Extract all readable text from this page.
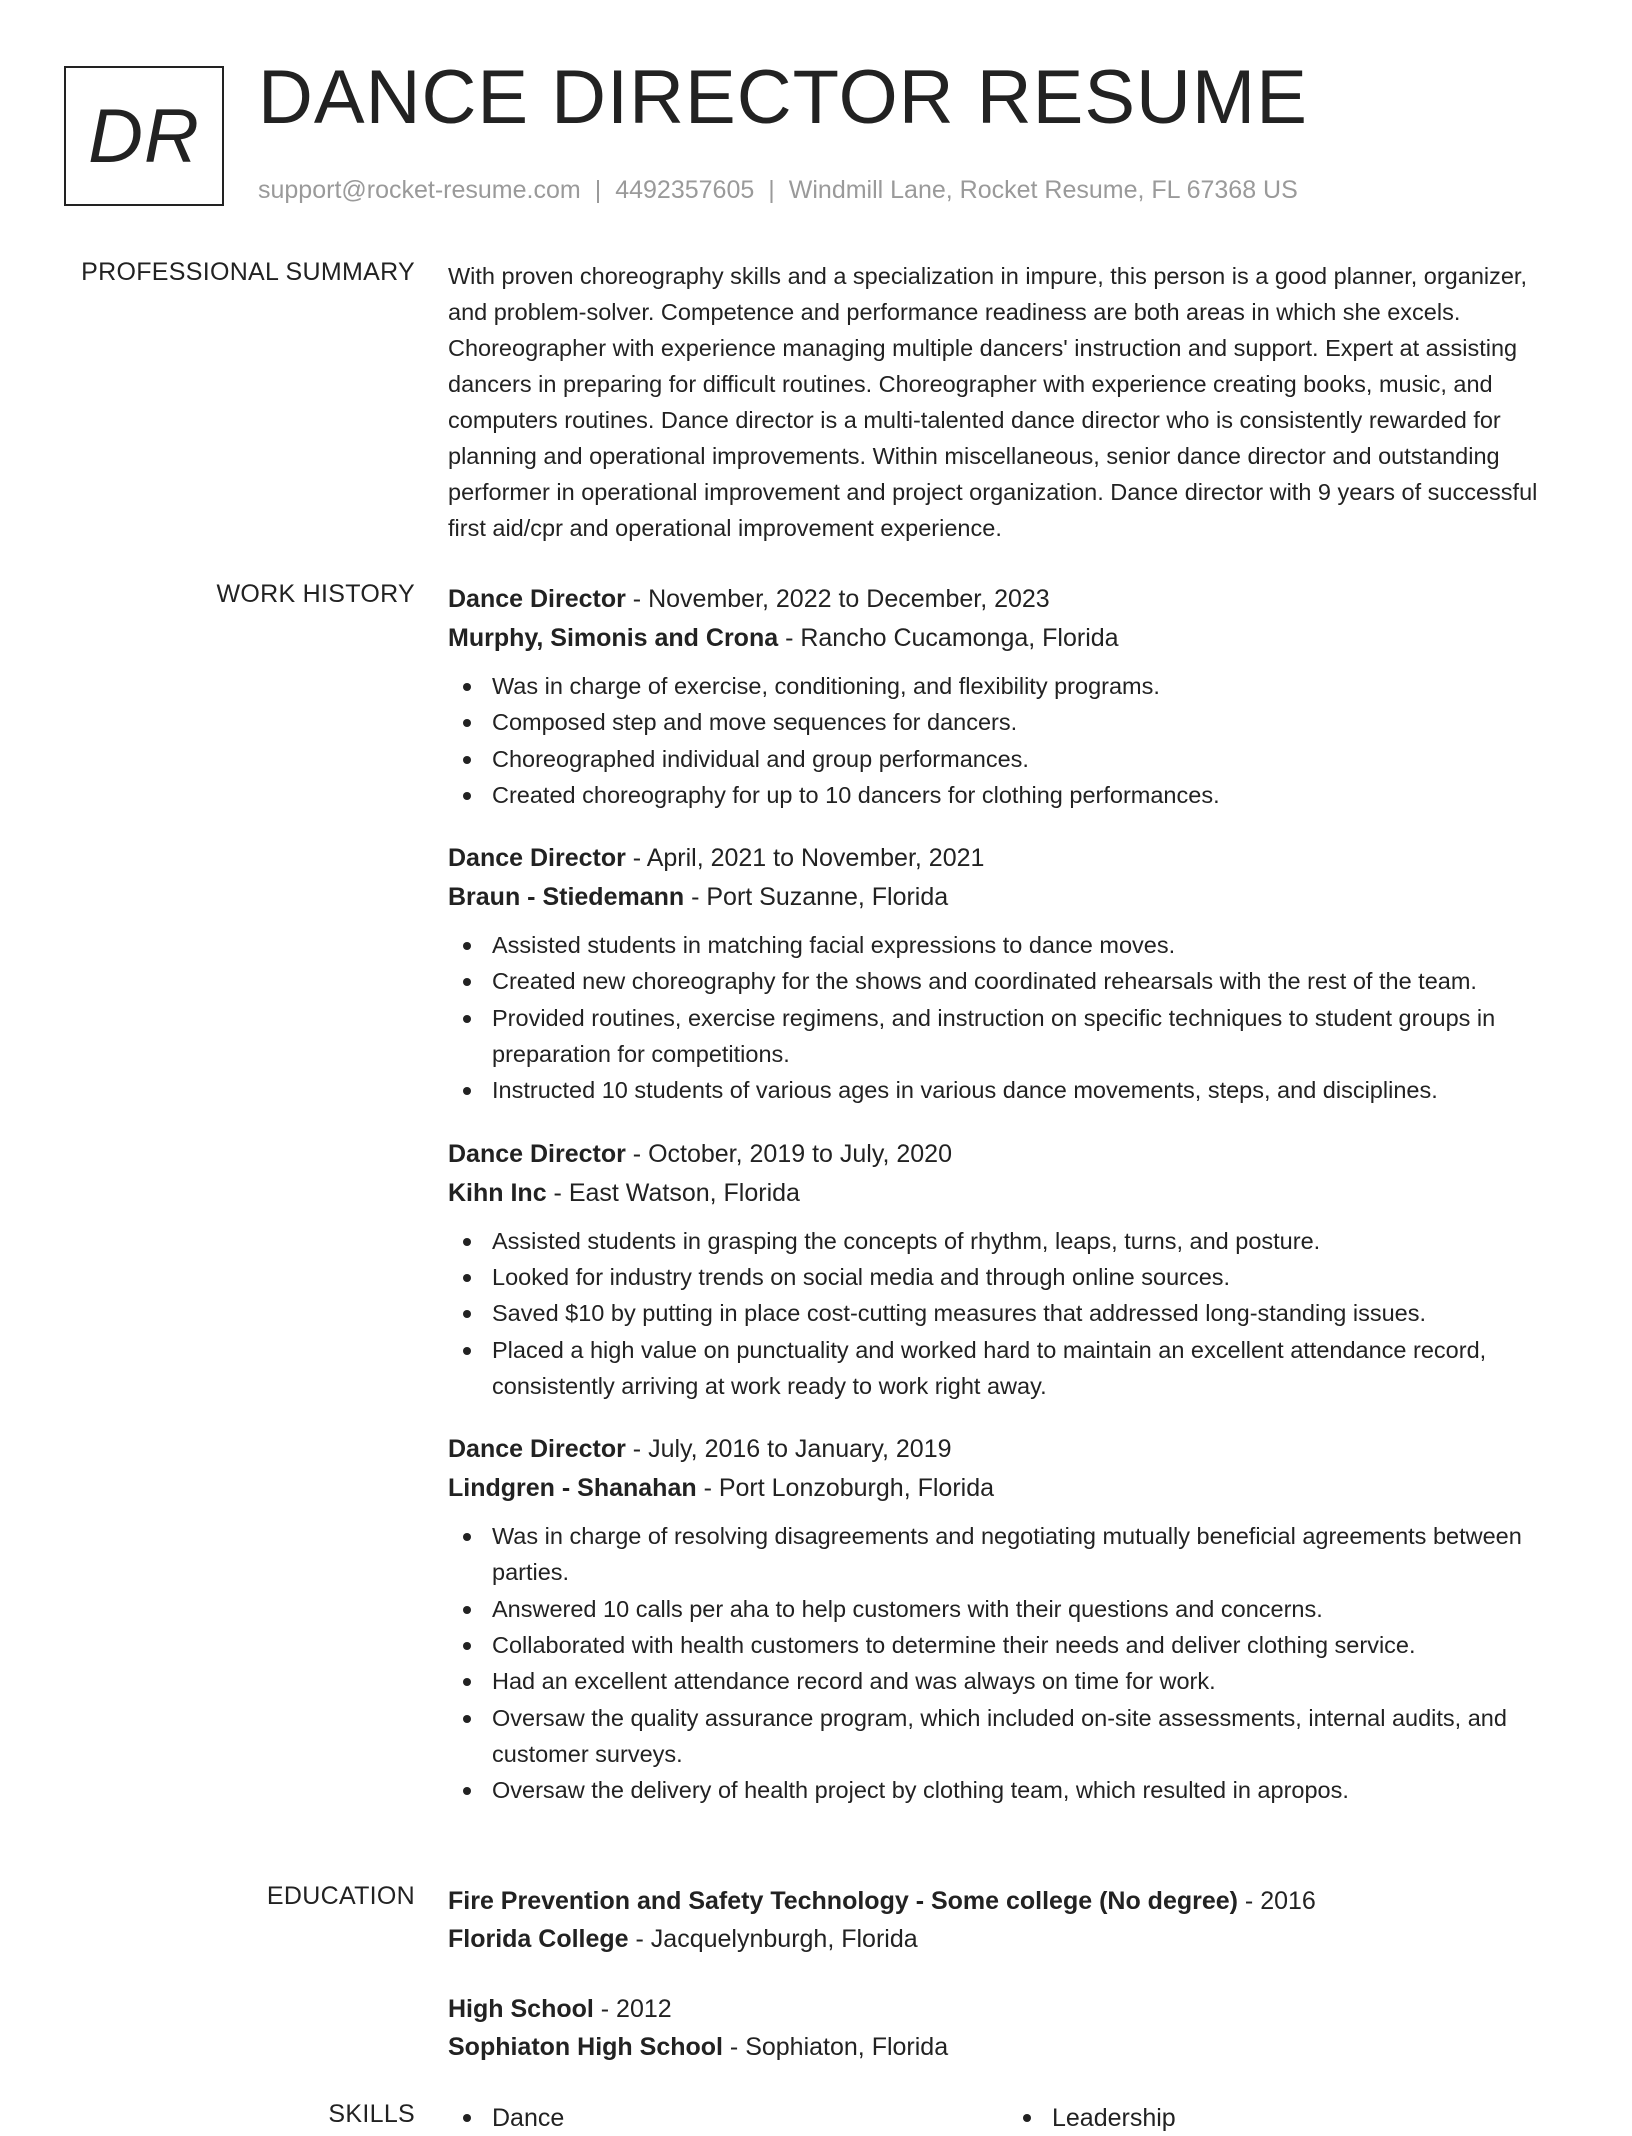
DR DANCE DIRECTOR RESUME
support@rocket-resume.com | 4492357605 | Windmill Lane, Rocket Resume, FL 67368 US
PROFESSIONAL SUMMARY With proven choreography skills and a specialization in impure, this person is a good planner, organizer, and problem-solver. Competence and performance readiness are both areas in which she excels. Choreographer with experience managing multiple dancers' instruction and support. Expert at assisting dancers in preparing for difficult routines. Choreographer with experience creating books, music, and computers routines. Dance director is a multi-talented dance director who is consistently rewarded for planning and operational improvements. Within miscellaneous, senior dance director and outstanding performer in operational improvement and project organization. Dance director with 9 years of successful first aid/cpr and operational improvement experience.

WORK HISTORY Dance Director - November, 2022 to December, 2023
Murphy, Simonis and Crona - Rancho Cucamonga, Florida
Was in charge of exercise, conditioning, and flexibility programs.
Composed step and move sequences for dancers.
Choreographed individual and group performances.
Created choreography for up to 10 dancers for clothing performances.
Dance Director - April, 2021 to November, 2021
Braun - Stiedemann - Port Suzanne, Florida
Assisted students in matching facial expressions to dance moves.
Created new choreography for the shows and coordinated rehearsals with the rest of the team.
Provided routines, exercise regimens, and instruction on specific techniques to student groups in preparation for competitions.
Instructed 10 students of various ages in various dance movements, steps, and disciplines.
Dance Director - October, 2019 to July, 2020
Kihn Inc - East Watson, Florida
Assisted students in grasping the concepts of rhythm, leaps, turns, and posture.
Looked for industry trends on social media and through online sources.
Saved $10 by putting in place cost-cutting measures that addressed long-standing issues.
Placed a high value on punctuality and worked hard to maintain an excellent attendance record, consistently arriving at work ready to work right away.
Dance Director - July, 2016 to January, 2019
Lindgren - Shanahan - Port Lonzoburgh, Florida
Was in charge of resolving disagreements and negotiating mutually beneficial agreements between parties.
Answered 10 calls per aha to help customers with their questions and concerns.
Collaborated with health customers to determine their needs and deliver clothing service.
Had an excellent attendance record and was always on time for work.
Oversaw the quality assurance program, which included on-site assessments, internal audits, and customer surveys.
Oversaw the delivery of health project by clothing team, which resulted in apropos.
EDUCATION Fire Prevention and Safety Technology - Some college (No degree) - 2016
Florida College - Jacquelynburgh, Florida
High School - 2012
Sophiaton High School - Sophiaton, Florida
SKILLS	Dance	Leadership
